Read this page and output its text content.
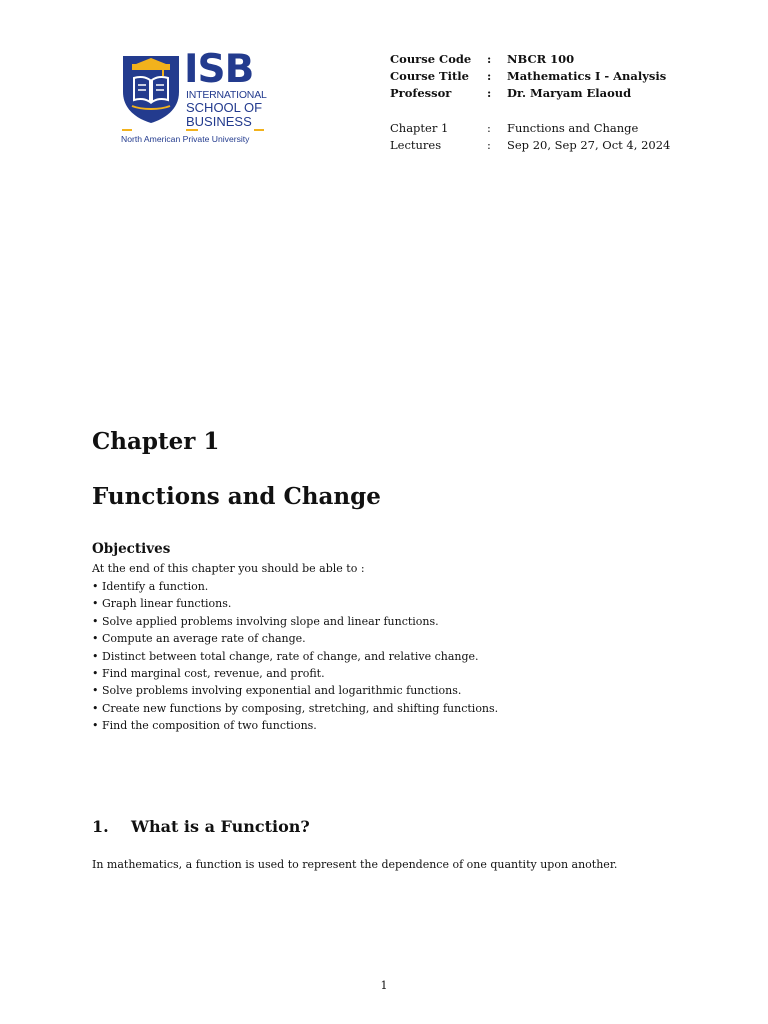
ISB
INTERNATIONAL
SCHOOL OF
BUSINESS
North American Private University
Course Code : NBCR 100
Course Title : Mathematics I - Analysis
Professor	: Dr. Maryam Elaoud
Chapter 1	: Functions and Change
Lectures	: Sep 20, Sep 27, Oct 4, 2024
Chapter 1
Functions and Change
Objectives
At the end of this chapter you should be able to :
• Identify a function.
• Graph linear functions.
• Solve applied problems involving slope and linear functions.
• Compute an average rate of change.
• Distinct between total change, rate of change, and relative change.
• Find marginal cost, revenue, and profit.
• Solve problems involving exponential and logarithmic functions.
• Create new functions by composing, stretching, and shifting functions.
• Find the composition of two functions.
1. What is a Function?
In mathematics, a function is used to represent the dependence of one quantity upon another.
1
